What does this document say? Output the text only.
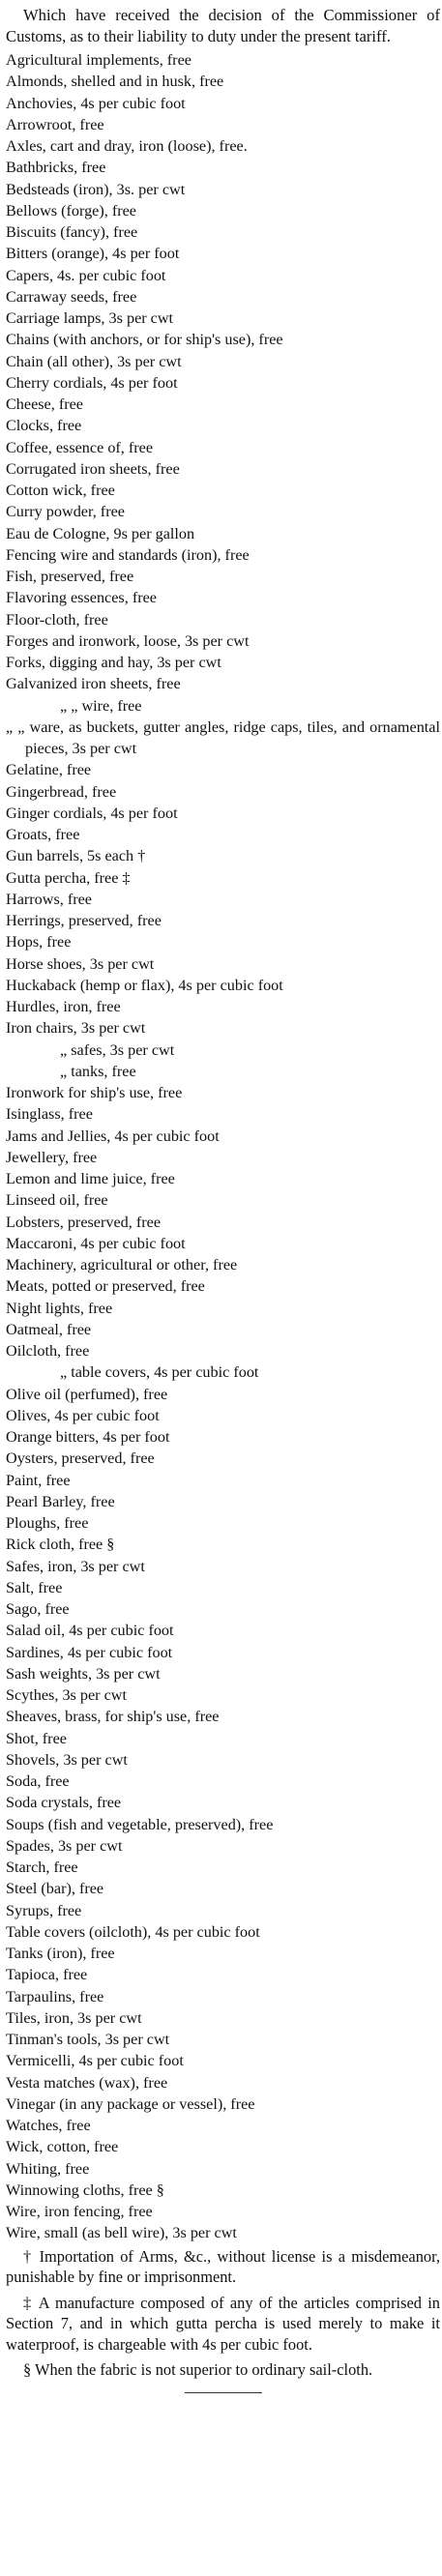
Which have received the decision of the Commissioner of Customs, as to their liability to duty under the present tariff.

Agricultural implements, free
Almonds, shelled and in husk, free
Anchovies, 4s per cubic foot
Arrowroot, free
Axles, cart and dray, iron (loose), free.
Bathbricks, free
Bedsteads (iron), 3s. per cwt
Bellows (forge), free
Biscuits (fancy), free
Bitters (orange), 4s per foot
Capers, 4s. per cubic foot
Carraway seeds, free
Carriage lamps, 3s per cwt
Chains (with anchors, or for ship's use), free
Chain (all other), 3s per cwt
Cherry cordials, 4s per foot
Cheese, free
Clocks, free
Coffee, essence of, free
Corrugated iron sheets, free
Cotton wick, free
Curry powder, free
Eau de Cologne, 9s per gallon
Fencing wire and standards (iron), free
Fish, preserved, free
Flavoring essences, free
Floor-cloth, free
Forges and ironwork, loose, 3s per cwt
Forks, digging and hay, 3s per cwt
Galvanized iron sheets, free
„ „ wire, free
„ „ ware, as buckets, gutter angles, ridge caps, tiles, and ornamental pieces, 3s per cwt
Gelatine, free
Gingerbread, free
Ginger cordials, 4s per foot
Groats, free
Gun barrels, 5s each †
Gutta percha, free ‡
Harrows, free
Herrings, preserved, free
Hops, free
Horse shoes, 3s per cwt
Huckaback (hemp or flax), 4s per cubic foot
Hurdles, iron, free
Iron chairs, 3s per cwt
„ safes, 3s per cwt
„ tanks, free
Ironwork for ship's use, free
Isinglass, free
Jams and Jellies, 4s per cubic foot
Jewellery, free
Lemon and lime juice, free
Linseed oil, free
Lobsters, preserved, free
Maccaroni, 4s per cubic foot
Machinery, agricultural or other, free
Meats, potted or preserved, free
Night lights, free
Oatmeal, free
Oilcloth, free
„ table covers, 4s per cubic foot
Olive oil (perfumed), free
Olives, 4s per cubic foot
Orange bitters, 4s per foot
Oysters, preserved, free
Paint, free
Pearl Barley, free
Ploughs, free
Rick cloth, free §
Safes, iron, 3s per cwt
Salt, free
Sago, free
Salad oil, 4s per cubic foot
Sardines, 4s per cubic foot
Sash weights, 3s per cwt
Scythes, 3s per cwt
Sheaves, brass, for ship's use, free
Shot, free
Shovels, 3s per cwt
Soda, free
Soda crystals, free
Soups (fish and vegetable, preserved), free
Spades, 3s per cwt
Starch, free
Steel (bar), free
Syrups, free
Table covers (oilcloth), 4s per cubic foot
Tanks (iron), free
Tapioca, free
Tarpaulins, free
Tiles, iron, 3s per cwt
Tinman's tools, 3s per cwt
Vermicelli, 4s per cubic foot
Vesta matches (wax), free
Vinegar (in any package or vessel), free
Watches, free
Wick, cotton, free
Whiting, free
Winnowing cloths, free §
Wire, iron fencing, free
Wire, small (as bell wire), 3s per cwt

† Importation of Arms, &c., without license is a misdemeanor, punishable by fine or imprisonment.

‡ A manufacture composed of any of the articles comprised in Section 7, and in which gutta percha is used merely to make it waterproof, is chargeable with 4s per cubic foot.

§ When the fabric is not superior to ordinary sail-cloth.
